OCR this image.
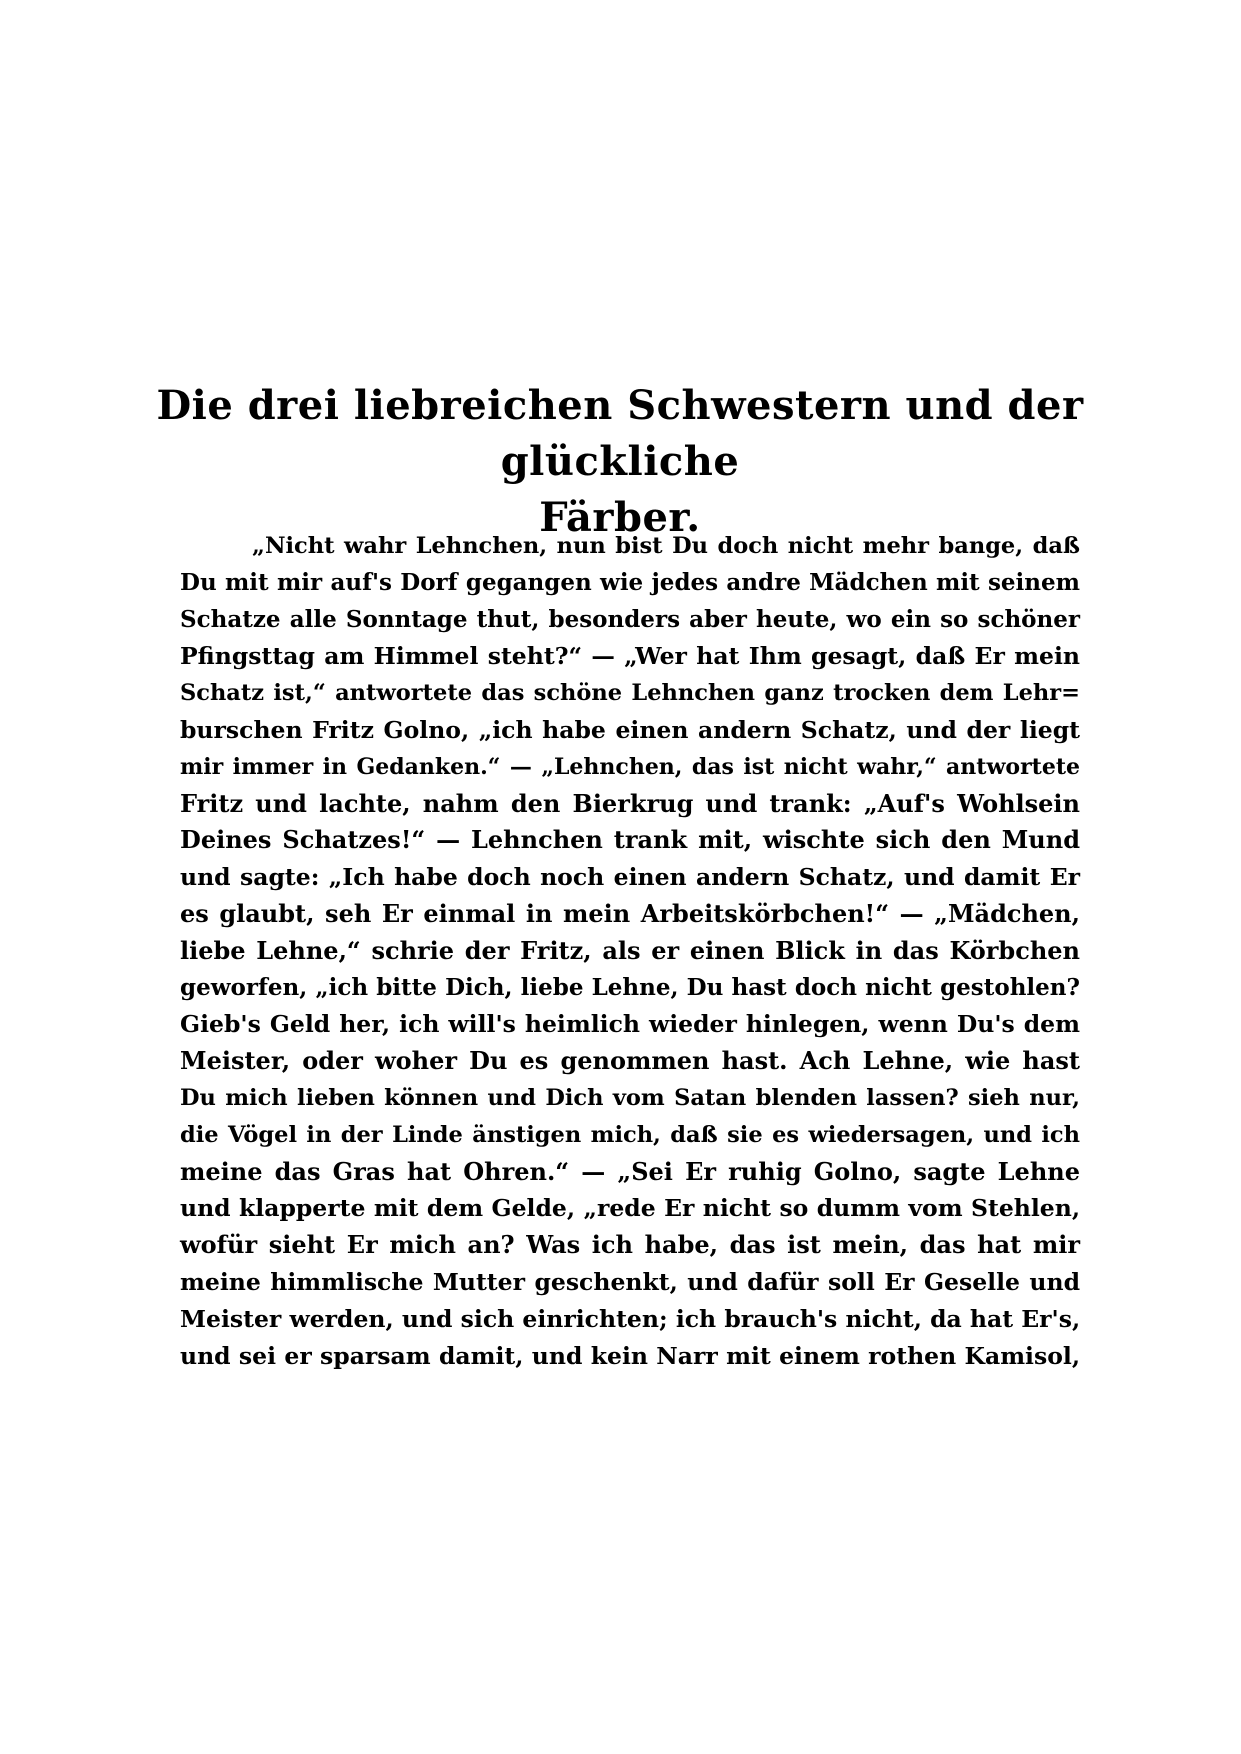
Die drei liebreichen Schwestern und der glückliche
Färber.
„Nicht wahr Lehnchen, nun bist Du doch nicht mehr bange, daß
Du mit mir auf's Dorf gegangen wie jedes andre Mädchen mit seinem
Schatze alle Sonntage thut, besonders aber heute, wo ein so schöner
Pfingsttag am Himmel steht?“ — „Wer hat Ihm gesagt, daß Er mein
Schatz ist,“ antwortete das schöne Lehnchen ganz trocken dem Lehr=
burschen Fritz Golno, „ich habe einen andern Schatz, und der liegt
mir immer in Gedanken.“ — „Lehnchen, das ist nicht wahr,“ antwortete
Fritz und lachte, nahm den Bierkrug und trank: „Auf's Wohlsein
Deines Schatzes!“ — Lehnchen trank mit, wischte sich den Mund
und sagte: „Ich habe doch noch einen andern Schatz, und damit Er
es glaubt, seh Er einmal in mein Arbeitskörbchen!“ — „Mädchen,
liebe Lehne,“ schrie der Fritz, als er einen Blick in das Körbchen
geworfen, „ich bitte Dich, liebe Lehne, Du hast doch nicht gestohlen?
Gieb's Geld her, ich will's heimlich wieder hinlegen, wenn Du's dem
Meister, oder woher Du es genommen hast. Ach Lehne, wie hast
Du mich lieben können und Dich vom Satan blenden lassen? sieh nur,
die Vögel in der Linde änstigen mich, daß sie es wiedersagen, und ich
meine das Gras hat Ohren.“ — „Sei Er ruhig Golno, sagte Lehne
und klapperte mit dem Gelde, „rede Er nicht so dumm vom Stehlen,
wofür sieht Er mich an? Was ich habe, das ist mein, das hat mir
meine himmlische Mutter geschenkt, und dafür soll Er Geselle und
Meister werden, und sich einrichten; ich brauch's nicht, da hat Er's,
und sei er sparsam damit, und kein Narr mit einem rothen Kamisol,
